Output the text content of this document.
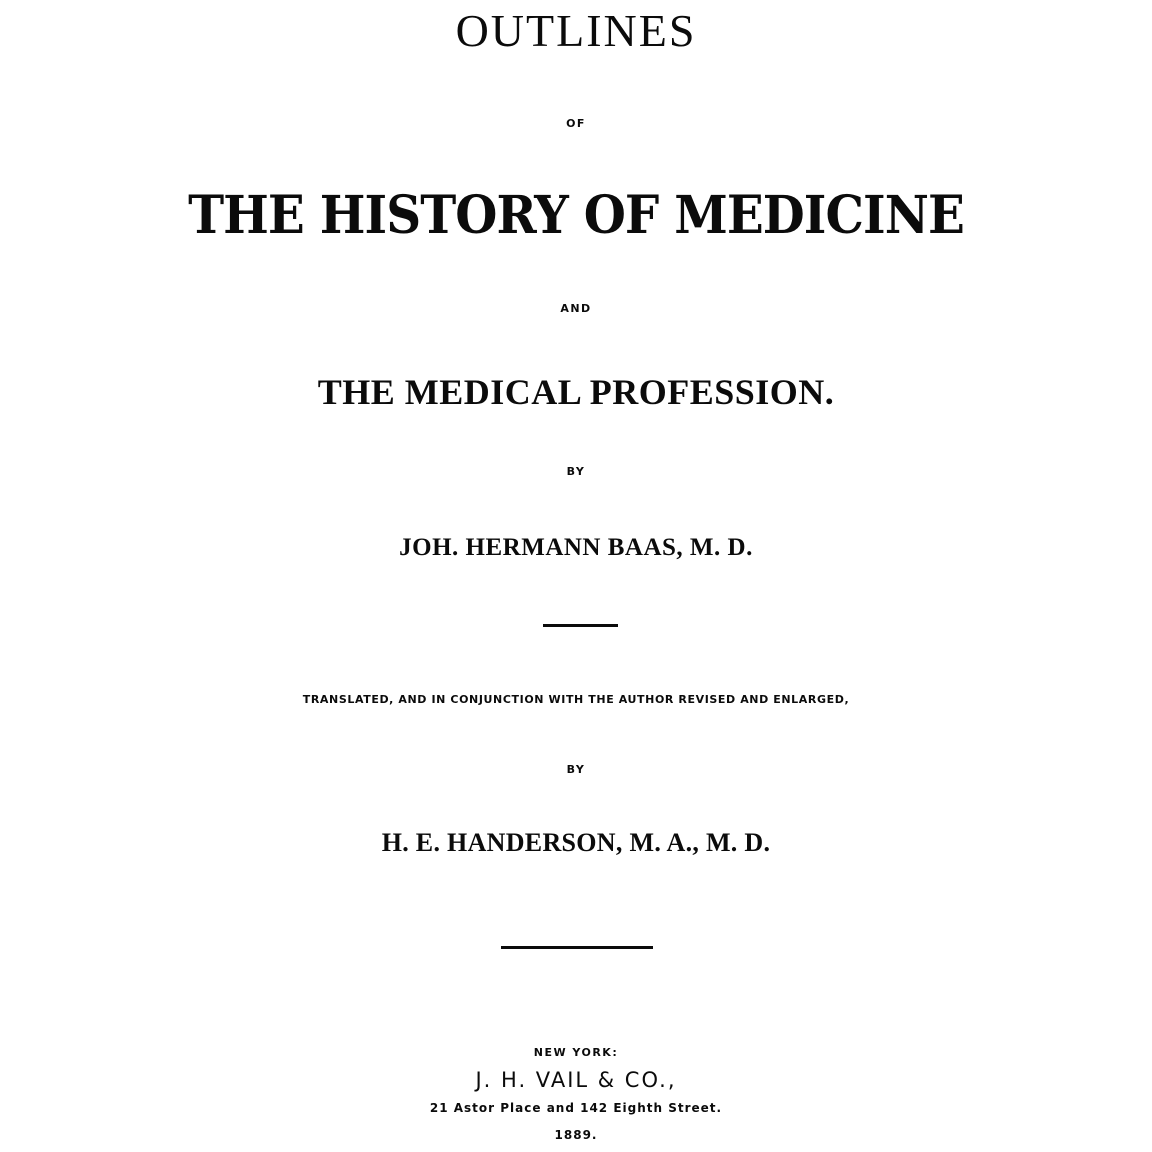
OUTLINES
OF
THE HISTORY OF MEDICINE
AND
THE MEDICAL PROFESSION.
BY
JOH. HERMANN BAAS, M. D.
TRANSLATED, AND IN CONJUNCTION WITH THE AUTHOR REVISED AND ENLARGED,
BY
H. E. HANDERSON, M. A., M. D.
NEW YORK:
J. H. VAIL & CO.,
21 Astor Place and 142 Eighth Street.
1889.
